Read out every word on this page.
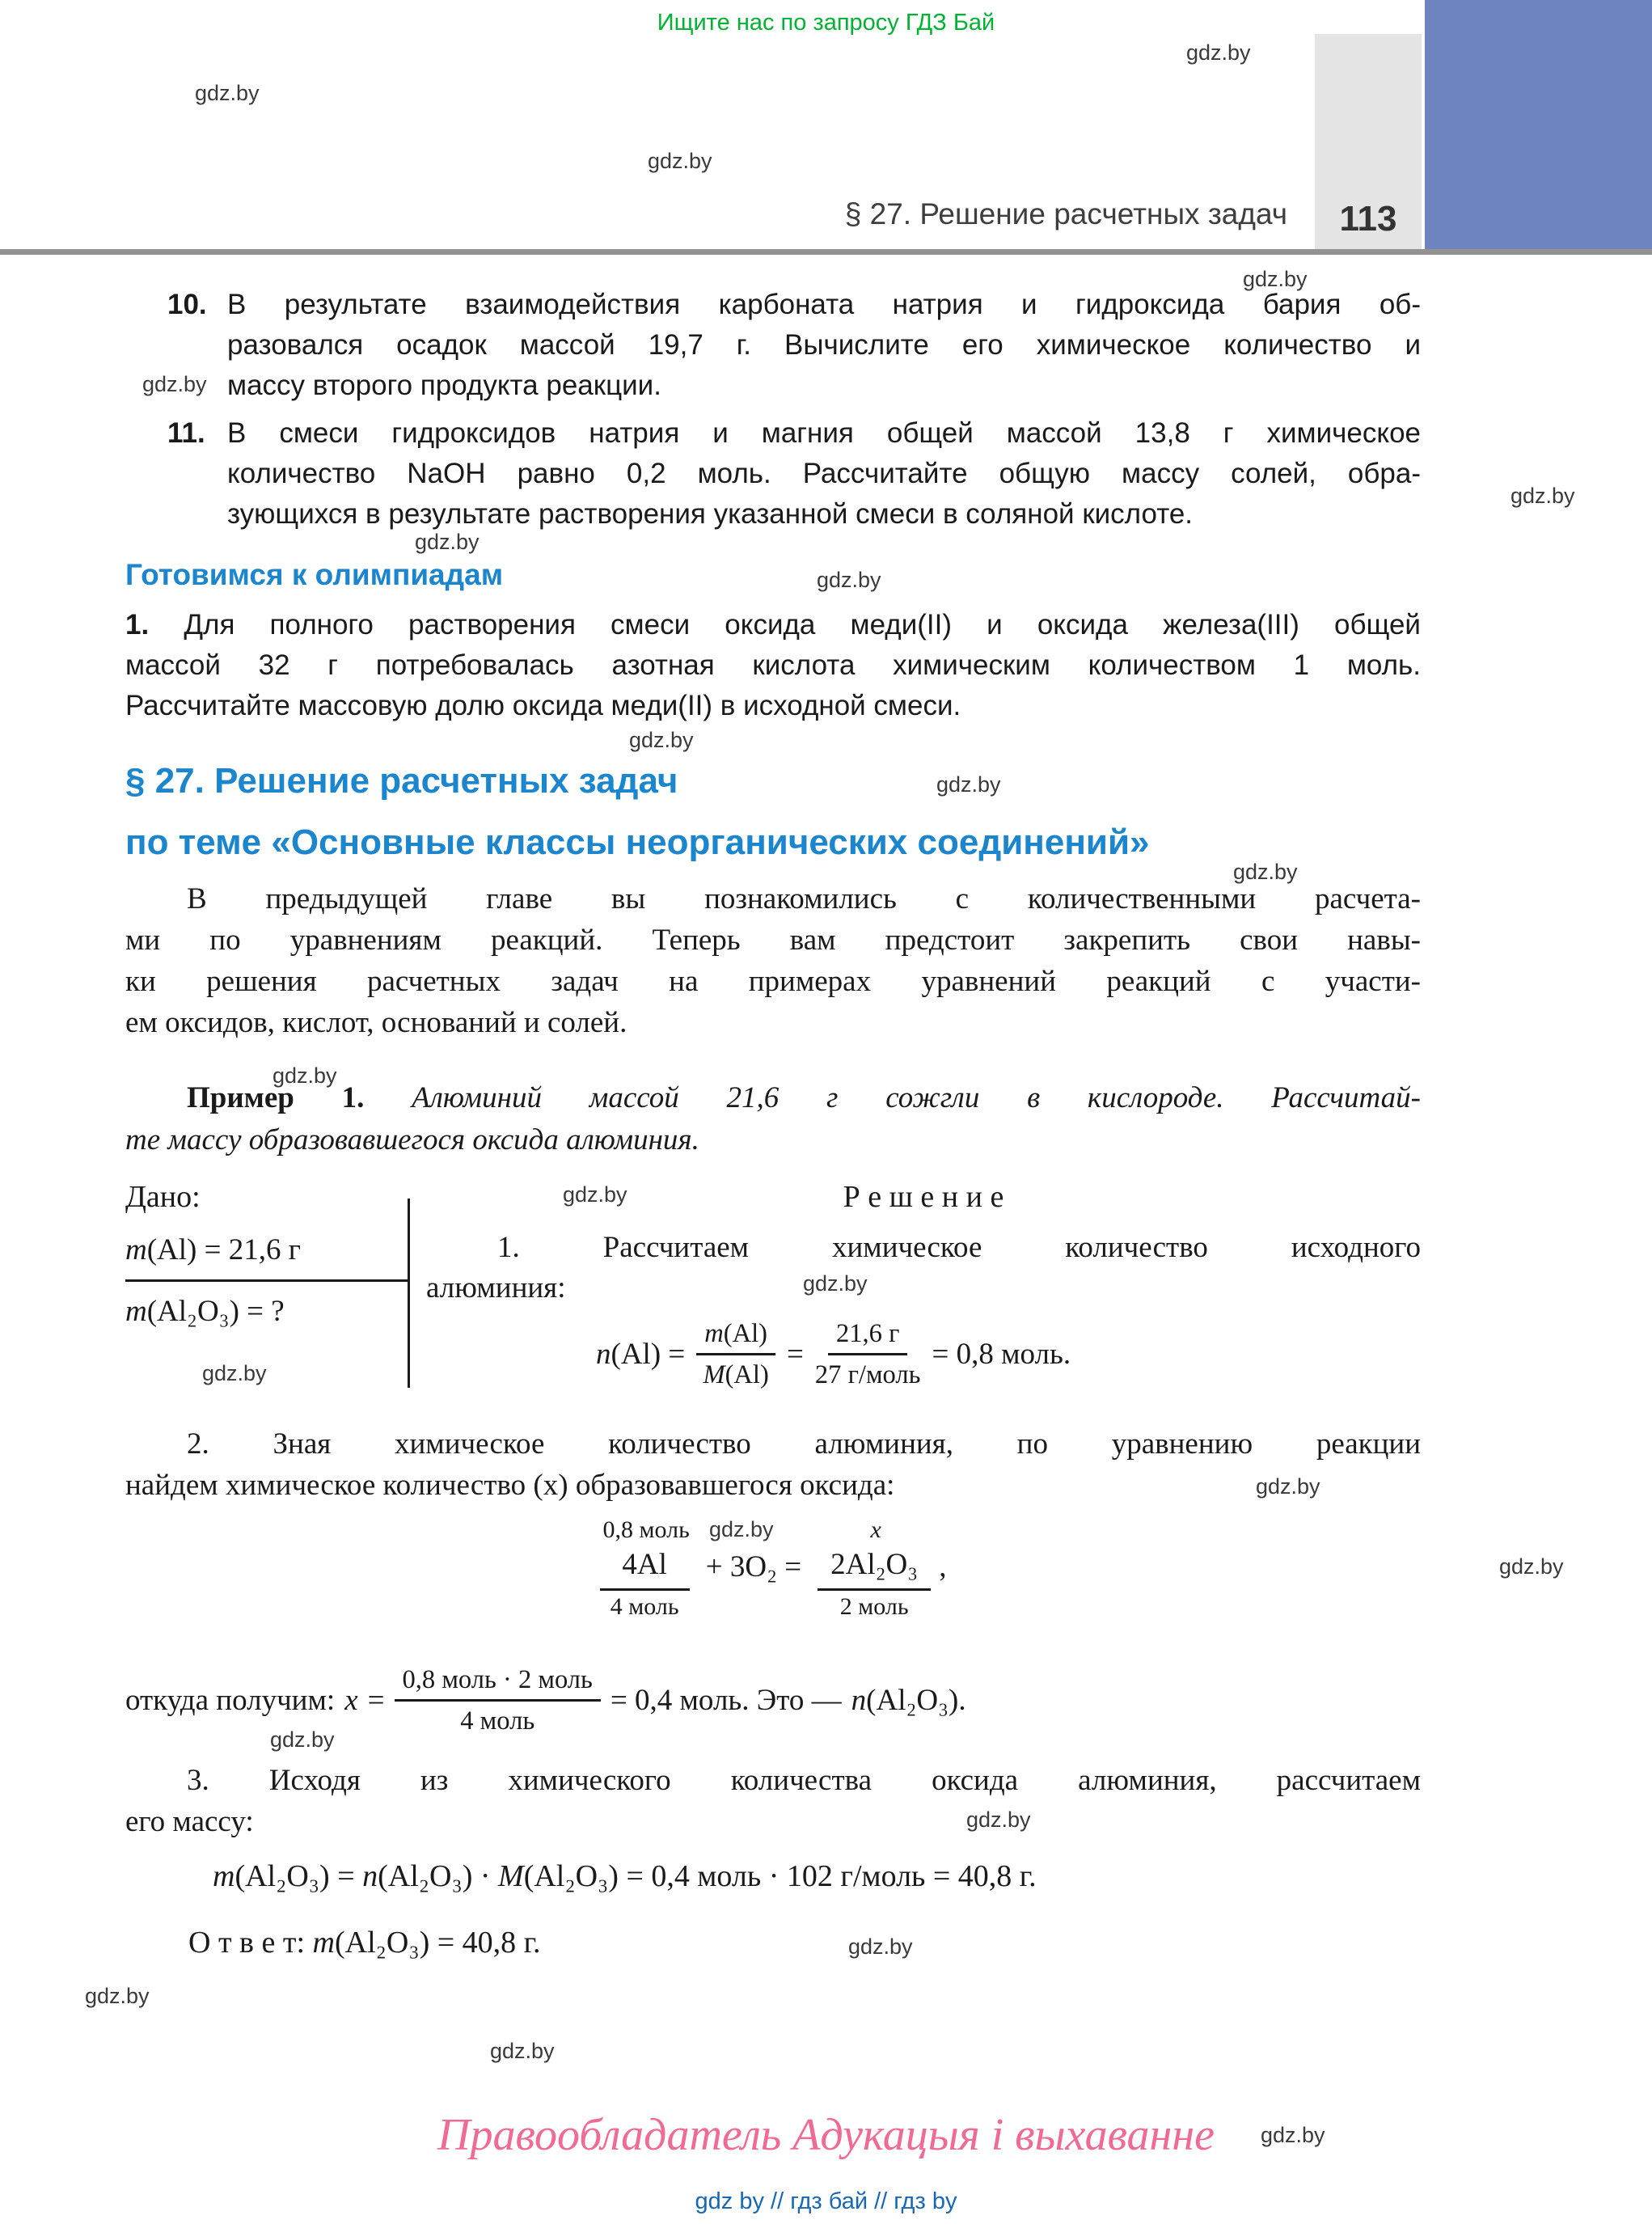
Ищите нас по запросу ГДЗ Бай
gdz.by
gdz.by
gdz.by
gdz.by
gdz.by
gdz.by
gdz.by
gdz.by
gdz.by
gdz.by
gdz.by
gdz.by
gdz.by
gdz.by
gdz.by
gdz.by
gdz.by
gdz.by
gdz.by
gdz.by
gdz.by
gdz.by
gdz.by
gdz.by
§ 27. Решение расчетных задач 113
10. В результате взаимодействия карбоната натрия и гидроксида бария об-
разовался осадок массой 19,7 г. Вычислите его химическое количество и
массу второго продукта реакции.
11. В смеси гидроксидов натрия и магния общей массой 13,8 г химическое
количество NaOH равно 0,2 моль. Рассчитайте общую массу солей, обра-
зующихся в результате растворения указанной смеси в соляной кислоте.
Готовимся к олимпиадам
1. Для полного растворения смеси оксида меди(II) и оксида железа(III) общей
массой 32 г потребовалась азотная кислота химическим количеством 1 моль.
Рассчитайте массовую долю оксида меди(II) в исходной смеси.
§ 27. Решение расчетных задач
по теме «Основные классы неорганических соединений»
В предыдущей главе вы познакомились с количественными расчета-
ми по уравнениям реакций. Теперь вам предстоит закрепить свои навы-
ки решения расчетных задач на примерах уравнений реакций с участи-
ем оксидов, кислот, оснований и солей.
Пример 1. Алюминий массой 21,6 г сожгли в кислороде. Рассчитай-
те массу образовавшегося оксида алюминия.
Дано:
m(Al) = 21,6 г
m(Al₂O₃) = ?
Р е ш е н и е
1. Рассчитаем химическое количество исходного
алюминия:
$n(Al) = \frac{m(Al)}{M(Al)} = \frac{21,6 г}{\text{27 г/моль}} = 0,8$ моль.
2. Зная химическое количество алюминия, по уравнению реакции
найдем химическое количество (x) образовавшегося оксида:
0,8 моль
4Al
4 моль
+ 3O₂ =
x
2Al₂O₃
2 моль
,
откуда получим: $x = \frac{\text{0,8 моль · 2 моль}}{\text{4 моль}} = 0,4$ моль. Это — n(Al₂O₃).
3. Исходя из химического количества оксида алюминия, рассчитаем
его массу:
m(Al₂O₃) = n(Al₂O₃) · M(Al₂O₃) = 0,4 моль · 102 г/моль = 40,8 г.
О т в е т: m(Al₂O₃) = 40,8 г.
Правообладатель Адукацыя і выхаванне
gdz by // гдз бай // гдз by
